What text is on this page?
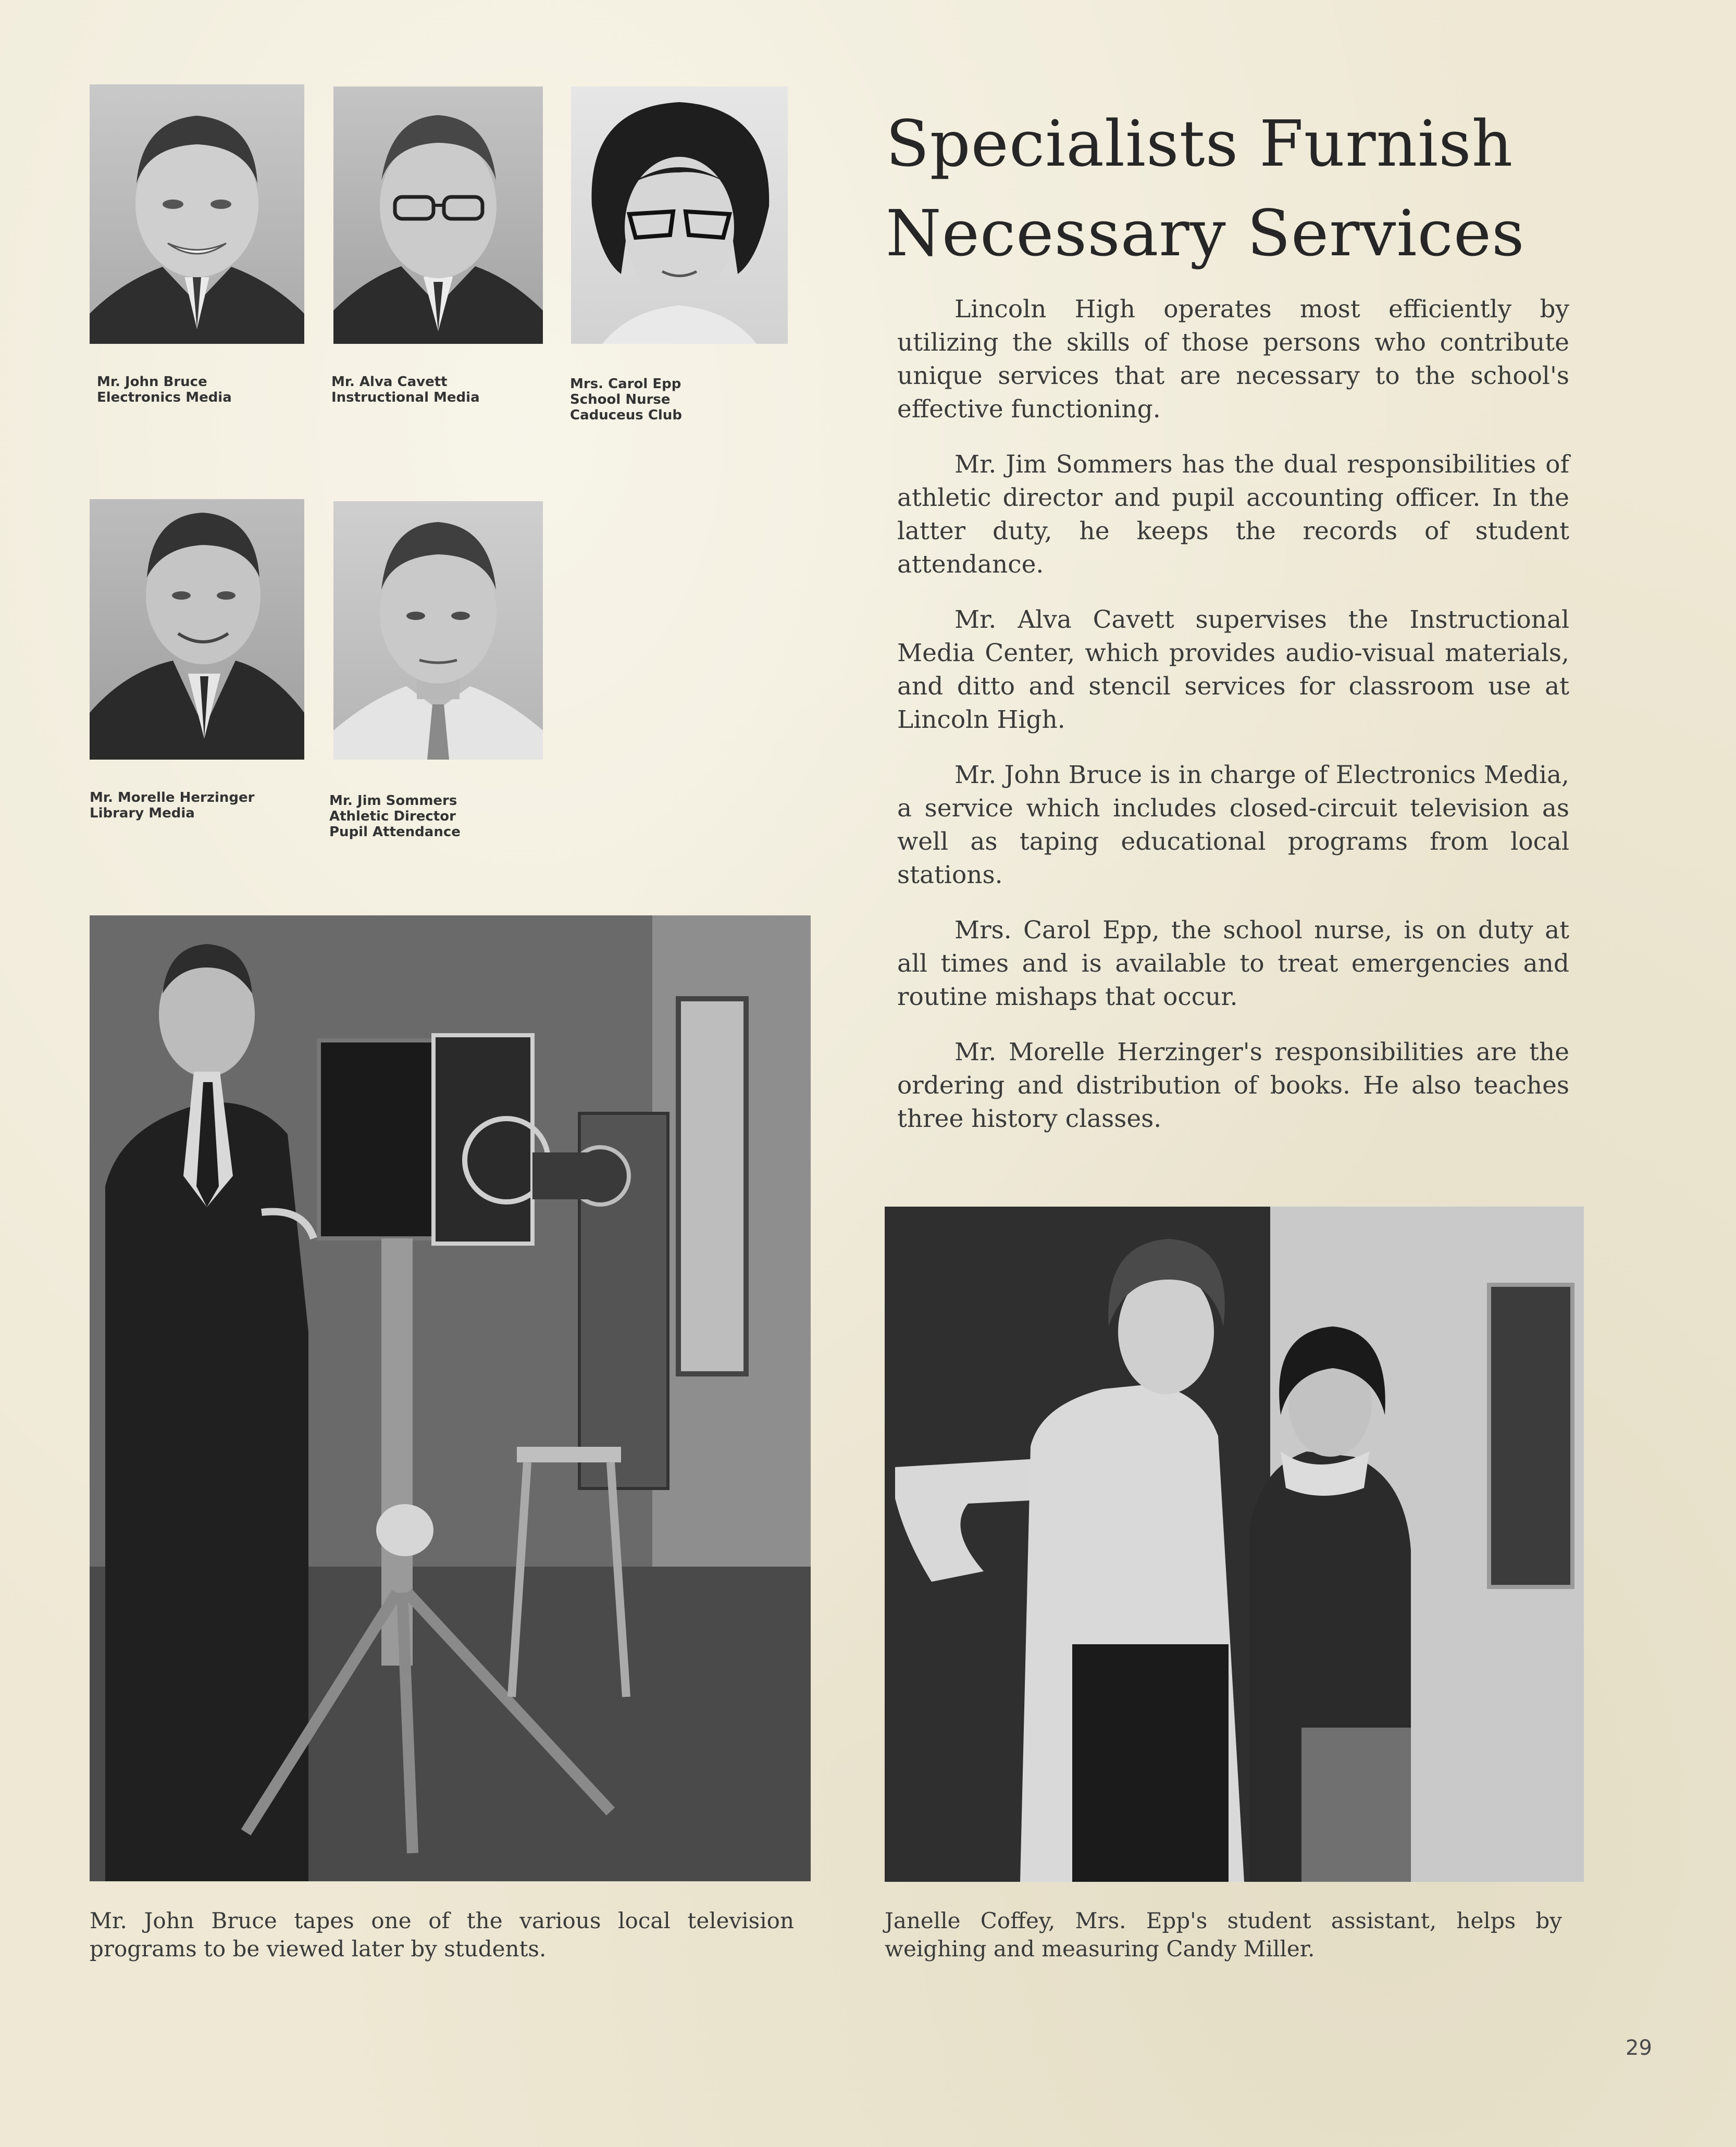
Mr. John Bruce
Electronics Media

Mr. Alva Cavett
Instructional Media

Mrs. Carol Epp
School Nurse
Caduceus Club

Mr. Morelle Herzinger
Library Media

Mr. Jim Sommers
Athletic Director
Pupil Attendance

Specialists Furnish
Necessary Services

Lincoln High operates most efficiently by utilizing the skills of those persons who contribute unique services that are necessary to the school's effective functioning.

Mr. Jim Sommers has the dual responsibilities of athletic director and pupil accounting officer. In the latter duty, he keeps the records of student attendance.

Mr. Alva Cavett supervises the Instructional Media Center, which provides audio-visual materials, and ditto and stencil services for classroom use at Lincoln High.

Mr. John Bruce is in charge of Electronics Media, a service which includes closed-circuit television as well as taping educational programs from local stations.

Mrs. Carol Epp, the school nurse, is on duty at all times and is available to treat emergencies and routine mishaps that occur.

Mr. Morelle Herzinger's responsibilities are the ordering and distribution of books. He also teaches three history classes.

Mr. John Bruce tapes one of the various local television programs to be viewed later by students.

Janelle Coffey, Mrs. Epp's student assistant, helps by weighing and measuring Candy Miller.

29
